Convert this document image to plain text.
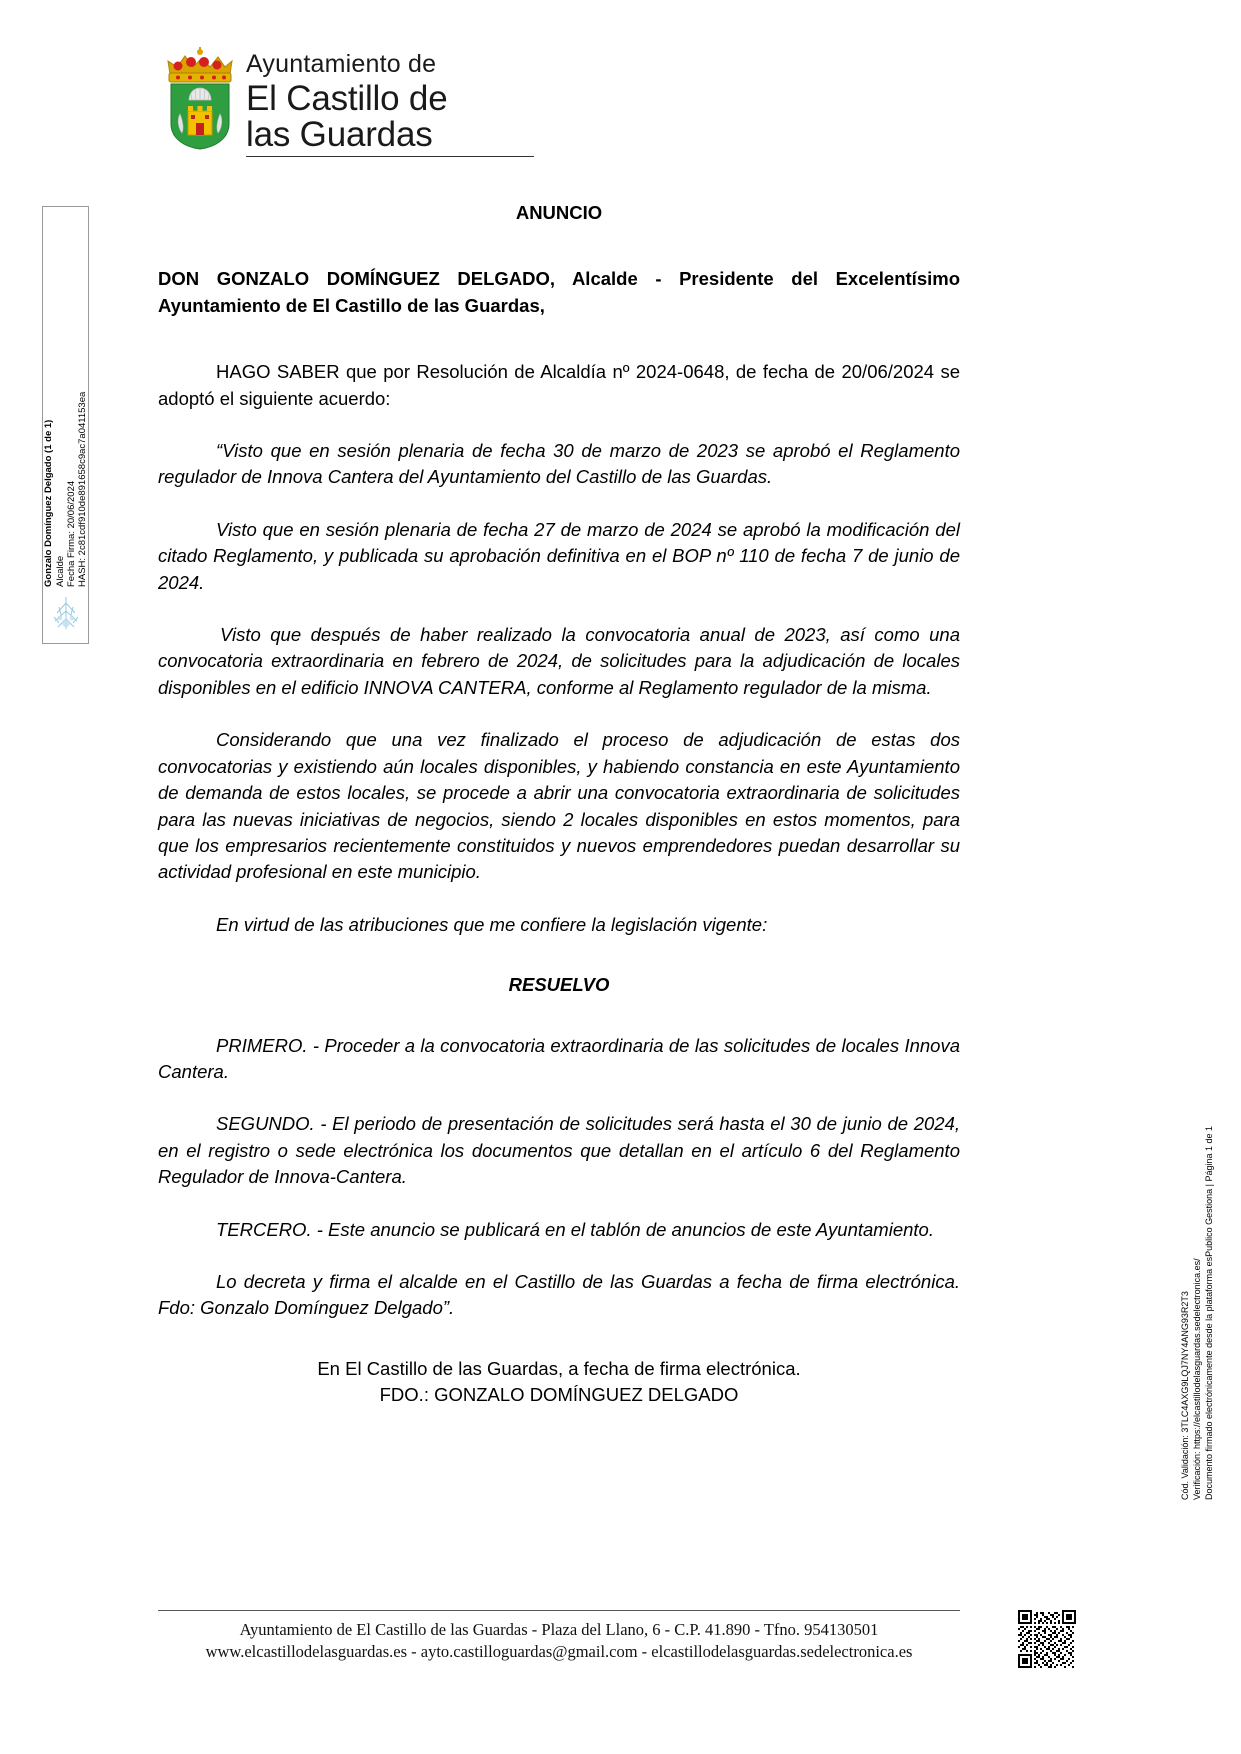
Ayuntamiento de
El Castillo de
las Guardas
Gonzalo Domínguez Delgado (1 de 1) Alcalde Fecha Firma: 20/06/2024 HASH: 2c81cdf910de891658c9ac7a041153ea
Cód. Validación: 3TLC4AXG9LQJ7NY4ANG93R2T3 Verificación: https://elcastillodelasguardas.sedelectronica.es/ Documento firmado electrónicamente desde la plataforma esPublico Gestiona | Página 1 de 1

ANUNCIO

DON GONZALO DOMÍNGUEZ DELGADO, Alcalde - Presidente del Excelentísimo Ayuntamiento de El Castillo de las Guardas,

HAGO SABER que por Resolución de Alcaldía nº 2024-0648, de fecha de 20/06/2024 se adoptó el siguiente acuerdo:

“Visto que en sesión plenaria de fecha 30 de marzo de 2023 se aprobó el Reglamento regulador de Innova Cantera del Ayuntamiento del Castillo de las Guardas.

Visto que en sesión plenaria de fecha 27 de marzo de 2024 se aprobó la modificación del citado Reglamento, y publicada su aprobación definitiva en el BOP nº 110 de fecha 7 de junio de 2024.

Visto que después de haber realizado la convocatoria anual de 2023, así como una convocatoria extraordinaria en febrero de 2024, de solicitudes para la adjudicación de locales disponibles en el edificio INNOVA CANTERA, conforme al Reglamento regulador de la misma.

Considerando que una vez finalizado el proceso de adjudicación de estas dos convocatorias y existiendo aún locales disponibles, y habiendo constancia en este Ayuntamiento de demanda de estos locales, se procede a abrir una convocatoria extraordinaria de solicitudes para las nuevas iniciativas de negocios, siendo 2 locales disponibles en estos momentos, para que los empresarios recientemente constituidos y nuevos emprendedores puedan desarrollar su actividad profesional en este municipio.

En virtud de las atribuciones que me confiere la legislación vigente:

RESUELVO

PRIMERO. - Proceder a la convocatoria extraordinaria de las solicitudes de locales Innova Cantera.

SEGUNDO. - El periodo de presentación de solicitudes será hasta el 30 de junio de 2024, en el registro o sede electrónica los documentos que detallan en el artículo 6 del Reglamento Regulador de Innova-Cantera.

TERCERO. - Este anuncio se publicará en el tablón de anuncios de este Ayuntamiento.

Lo decreta y firma el alcalde en el Castillo de las Guardas a fecha de firma electrónica. Fdo: Gonzalo Domínguez Delgado”.

En El Castillo de las Guardas, a fecha de firma electrónica.

FDO.: GONZALO DOMÍNGUEZ DELGADO

Ayuntamiento de El Castillo de las Guardas - Plaza del Llano, 6 - C.P. 41.890 - Tfno. 954130501
www.elcastillodelasguardas.es - ayto.castilloguardas@gmail.com - elcastillodelasguardas.sedelectronica.es
